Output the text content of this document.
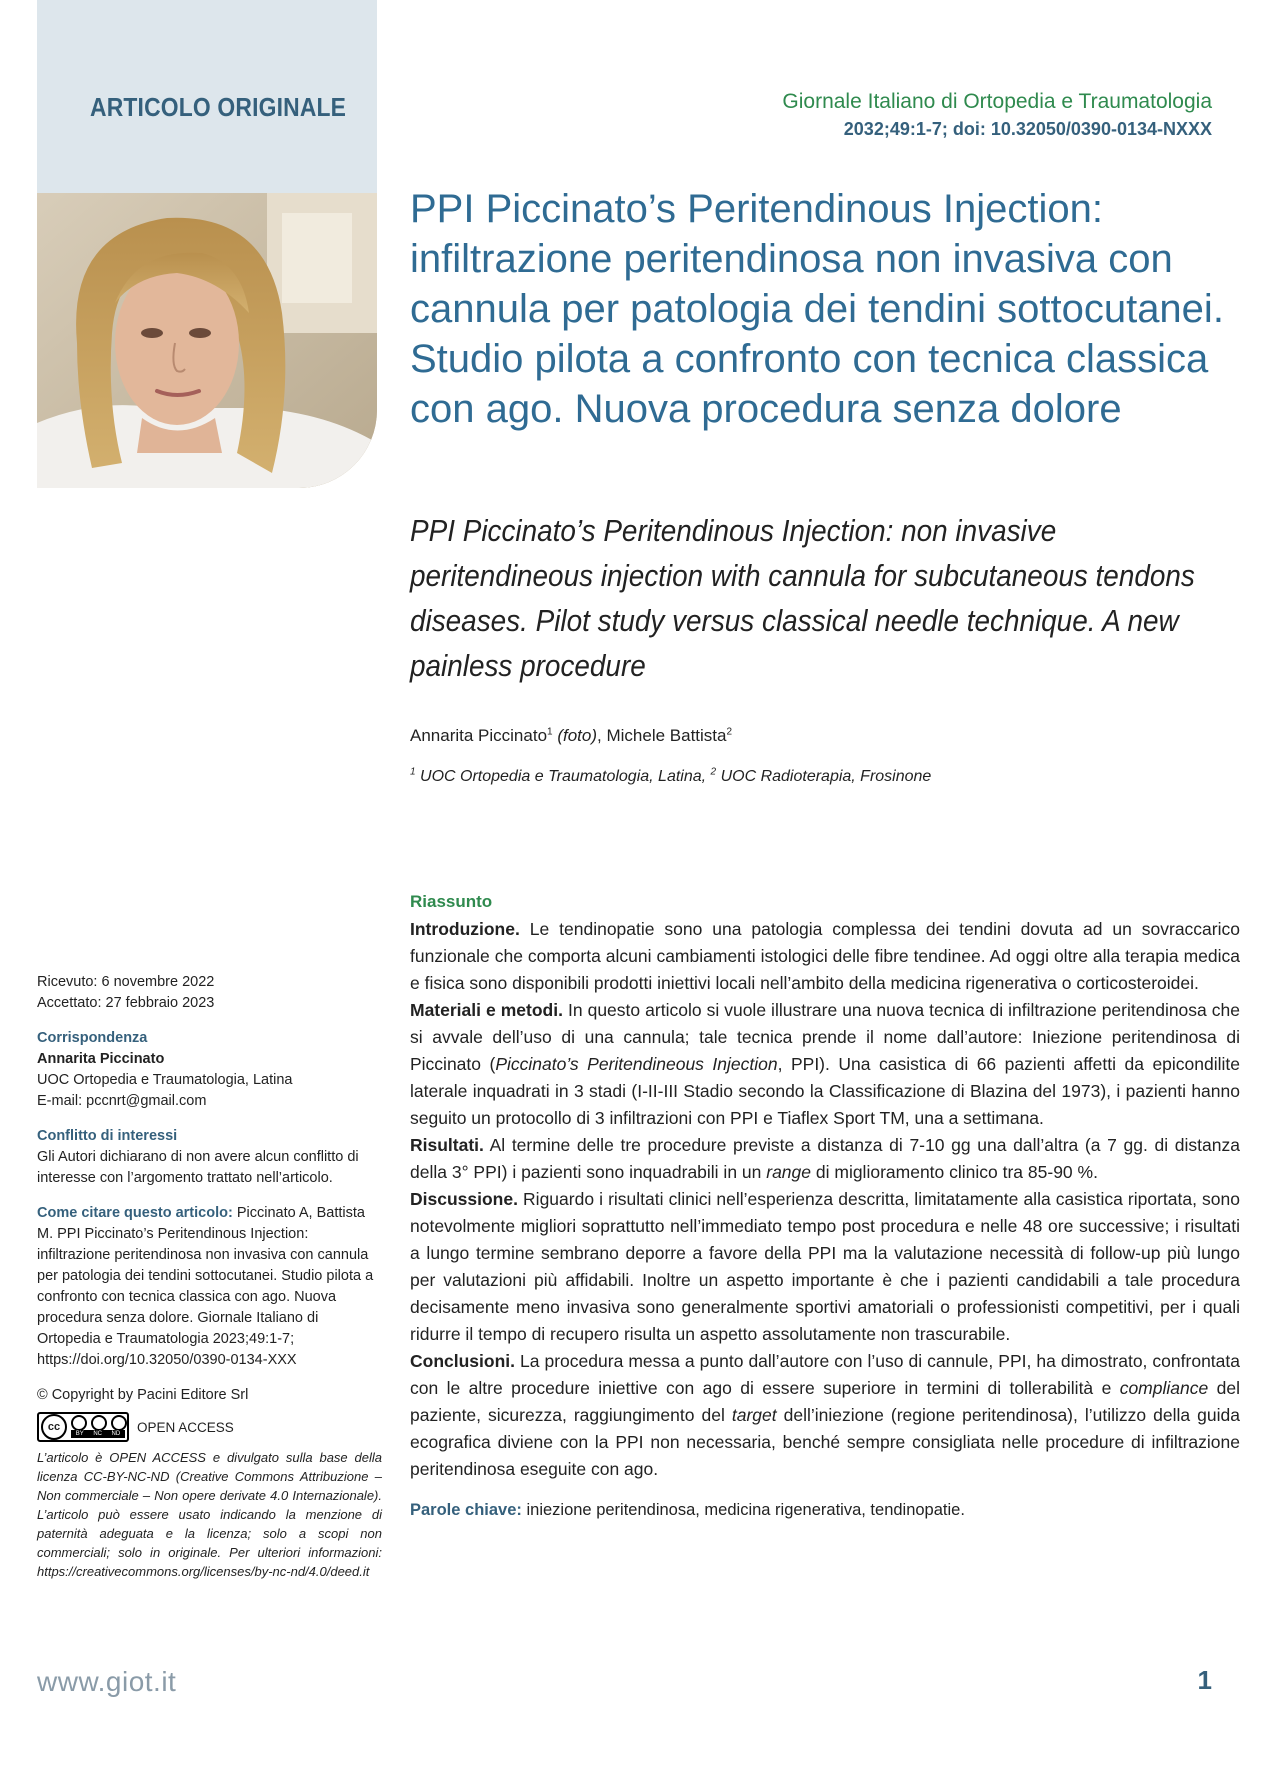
ARTICOLO ORIGINALE	Giornale Italiano di Ortopedia e Traumatologia
2032;49:1-7; doi: 10.32050/0390-0134-NXXX
PPI Piccinato’s Peritendinous Injection: infiltrazione peritendinosa non invasiva con cannula per patologia dei tendini sottocutanei. Studio pilota a confronto con tecnica classica con ago. Nuova procedura senza dolore
PPI Piccinato’s Peritendinous Injection: non invasive peritendineous injection with cannula for subcutaneous tendons diseases. Pilot study versus classical needle technique. A new painless procedure
Annarita Piccinato$^1$ (foto), Michele Battista$^2$
$^1$ UOC Ortopedia e Traumatologia, Latina, $^2$ UOC Radioterapia, Frosinone
Ricevuto: 6 novembre 2022
Accettato: 27 febbraio 2023
Corrispondenza
Annarita Piccinato
UOC Ortopedia e Traumatologia, Latina
E-mail: pccnrt@gmail.com
Conflitto di interessi
Gli Autori dichiarano di non avere alcun conflitto di interesse con l’argomento trattato nell’articolo.
Come citare questo articolo: Piccinato A, Battista M. PPI Piccinato’s Peritendinous Injection: infiltrazione peritendinosa non invasiva con cannula per patologia dei tendini sottocutanei. Studio pilota a confronto con tecnica classica con ago. Nuova procedura senza dolore. Giornale Italiano di Ortopedia e Traumatologia 2023;49:1-7; https://doi.org/10.32050/0390-0134-XXX
© Copyright by Pacini Editore Srl
cc
BY NC ND OPEN ACCESS
L’articolo è OPEN ACCESS e divulgato sulla base della licenza CC-BY-NC-ND (Creative Commons Attribuzione – Non commerciale – Non opere derivate 4.0 Internazionale). L’articolo può essere usato indicando la menzione di paternità adeguata e la licenza; solo a scopi non commerciali; solo in originale. Per ulteriori informazioni: https://creativecommons.org/licenses/by-nc-nd/4.0/deed.it
Riassunto

Introduzione. Le tendinopatie sono una patologia complessa dei tendini dovuta ad un sovraccarico funzionale che comporta alcuni cambiamenti istologici delle fibre tendinee. Ad oggi oltre alla terapia medica e fisica sono disponibili prodotti iniettivi locali nell’ambito della medicina rigenerativa o corticosteroidei.

Materiali e metodi. In questo articolo si vuole illustrare una nuova tecnica di infiltrazione peritendinosa che si avvale dell’uso di una cannula; tale tecnica prende il nome dall’autore: Iniezione peritendinosa di Piccinato (Piccinato’s Peritendineous Injection, PPI). Una casistica di 66 pazienti affetti da epicondilite laterale inquadrati in 3 stadi (I-II-III Stadio secondo la Classificazione di Blazina del 1973), i pazienti hanno seguito un protocollo di 3 infiltrazioni con PPI e Tiaflex Sport TM, una a settimana.

Risultati. Al termine delle tre procedure previste a distanza di 7-10 gg una dall’altra (a 7 gg. di distanza della 3° PPI) i pazienti sono inquadrabili in un range di miglioramento clinico tra 85-90 %.

Discussione. Riguardo i risultati clinici nell’esperienza descritta, limitatamente alla casistica riportata, sono notevolmente migliori soprattutto nell’immediato tempo post procedura e nelle 48 ore successive; i risultati a lungo termine sembrano deporre a favore della PPI ma la valutazione necessità di follow-up più lungo per valutazioni più affidabili. Inoltre un aspetto importante è che i pazienti candidabili a tale procedura decisamente meno invasiva sono generalmente sportivi amatoriali o professionisti competitivi, per i quali ridurre il tempo di recupero risulta un aspetto assolutamente non trascurabile.

Conclusioni. La procedura messa a punto dall’autore con l’uso di cannule, PPI, ha dimostrato, confrontata con le altre procedure iniettive con ago di essere superiore in termini di tollerabilità e compliance del paziente, sicurezza, raggiungimento del target dell’iniezione (regione peritendinosa), l’utilizzo della guida ecografica diviene con la PPI non necessaria, benché sempre consigliata nelle procedure di infiltrazione peritendinosa eseguite con ago.

Parole chiave: iniezione peritendinosa, medicina rigenerativa, tendinopatie.

www.giot.it	1
